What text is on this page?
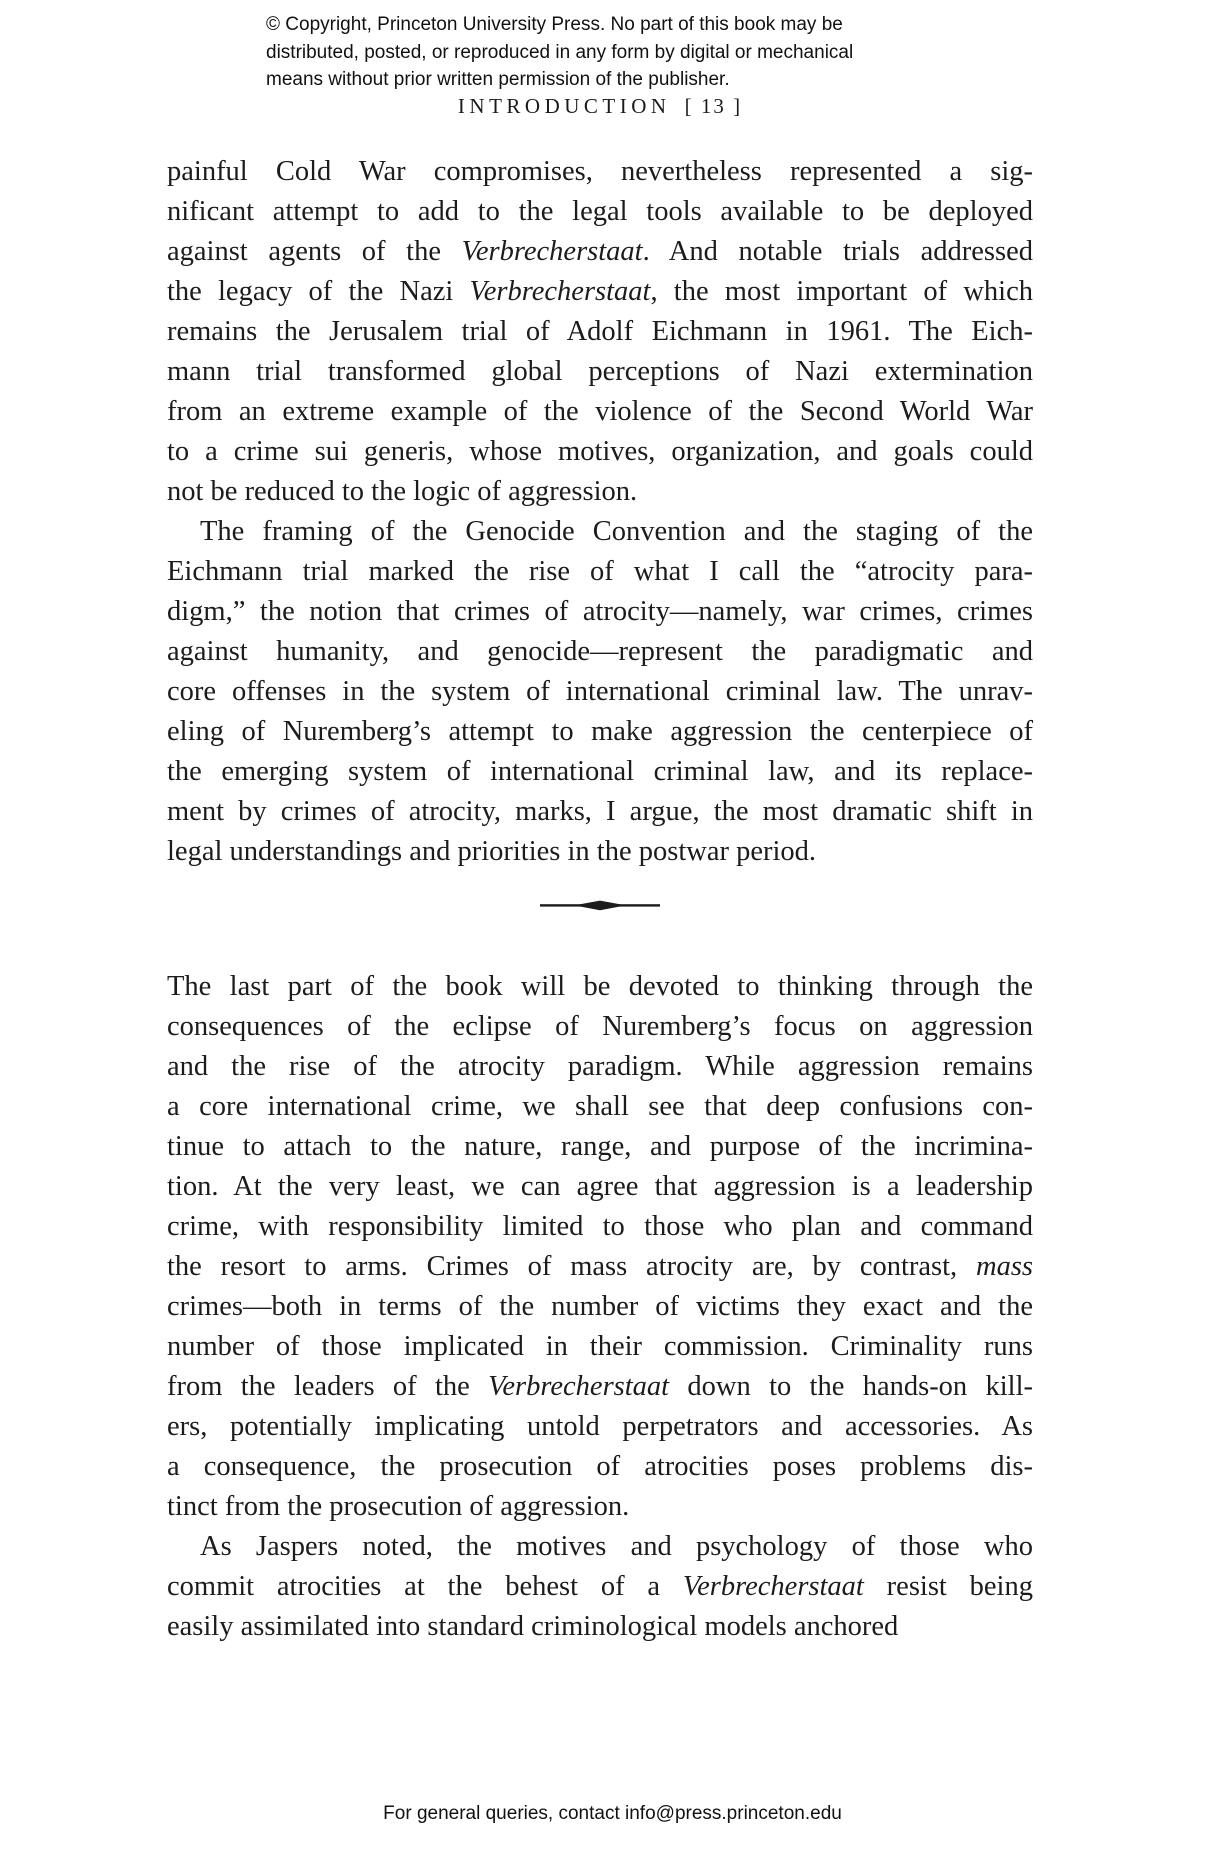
© Copyright, Princeton University Press. No part of this book may be
distributed, posted, or reproduced in any form by digital or mechanical
means without prior written permission of the publisher.
INTRODUCTION [ 13 ]
painful Cold War compromises, nevertheless represented a sig-
nificant attempt to add to the legal tools available to be deployed
against agents of the Verbrecherstaat. And notable trials addressed
the legacy of the Nazi Verbrecherstaat, the most important of which
remains the Jerusalem trial of Adolf Eichmann in 1961. The Eich-
mann trial transformed global perceptions of Nazi extermination
from an extreme example of the violence of the Second World War
to a crime sui generis, whose motives, organization, and goals could
not be reduced to the logic of aggression.
The framing of the Genocide Convention and the staging of the
Eichmann trial marked the rise of what I call the “atrocity para-
digm,” the notion that crimes of atrocity—namely, war crimes, crimes
against humanity, and genocide—represent the paradigmatic and
core offenses in the system of international criminal law. The unrav-
eling of Nuremberg’s attempt to make aggression the centerpiece of
the emerging system of international criminal law, and its replace-
ment by crimes of atrocity, marks, I argue, the most dramatic shift in
legal understandings and priorities in the postwar period.
The last part of the book will be devoted to thinking through the
consequences of the eclipse of Nuremberg’s focus on aggression
and the rise of the atrocity paradigm. While aggression remains
a core international crime, we shall see that deep confusions con-
tinue to attach to the nature, range, and purpose of the incrimina-
tion. At the very least, we can agree that aggression is a leadership
crime, with responsibility limited to those who plan and command
the resort to arms. Crimes of mass atrocity are, by contrast, mass
crimes—both in terms of the number of victims they exact and the
number of those implicated in their commission. Criminality runs
from the leaders of the Verbrecherstaat down to the hands-on kill-
ers, potentially implicating untold perpetrators and accessories. As
a consequence, the prosecution of atrocities poses problems dis-
tinct from the prosecution of aggression.
As Jaspers noted, the motives and psychology of those who
commit atrocities at the behest of a Verbrecherstaat resist being
easily assimilated into standard criminological models anchored
For general queries, contact info@press.princeton.edu
